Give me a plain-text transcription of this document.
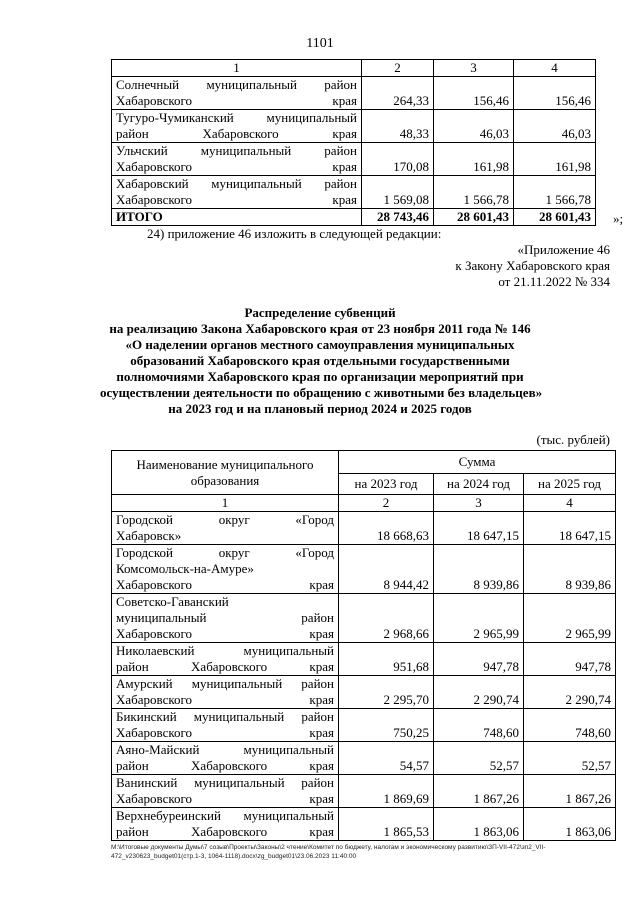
1101
1	2	3	4

Солнечный муниципальный район
Хабаровского края	264,33	156,46	156,46

Тугуро-Чумиканский муниципальный
район Хабаровского края	48,33	46,03	46,03

Ульчский муниципальный район
Хабаровского края	170,08	161,98	161,98

Хабаровский муниципальный район
Хабаровского края	1 569,08	1 566,78	1 566,78
ИТОГО	28 743,46	28 601,43	28 601,43 »;
24) приложение 46 изложить в следующей редакции:
«Приложение 46
к Закону Хабаровского края
от 21.11.2022 № 334
Распределение субвенций
на реализацию Закона Хабаровского края от 23 ноября 2011 года № 146
«О наделении органов местного самоуправления муниципальных
образований Хабаровского края отдельными государственными
полномочиями Хабаровского края по организации мероприятий при
осуществлении деятельности по обращению с животными без владельцев»
на 2023 год и на плановый период 2024 и 2025 годов
(тыс. рублей)
Наименование муниципального образования	Сумма		
	на 2023 год	на 2024 год	на 2025 год
1	2	3	4

Городской округ «Город
Хабаровск»	18 668,63	18 647,15	18 647,15

Городской округ «Город
Комсомольск-на-Амуре»
Хабаровского края	8 944,42	8 939,86	8 939,86

Советско-Гаванский
муниципальный район
Хабаровского края	2 968,66	2 965,99	2 965,99

Николаевский муниципальный
район Хабаровского края	951,68	947,78	947,78

Амурский муниципальный район
Хабаровского края	2 295,70	2 290,74	2 290,74

Бикинский муниципальный район
Хабаровского края	750,25	748,60	748,60

Аяно-Майский муниципальный
район Хабаровского края	54,57	52,57	52,57

Ванинский муниципальный район
Хабаровского края	1 869,69	1 867,26	1 867,26

Верхнебуреинский муниципальный
район Хабаровского края	1 865,53	1 863,06	1 863,06
M:\Итоговые документы Думы\7 созыв\Проекты\Законы\2 чтение\Комитет по бюджету, налогам и экономическому развитию\ЗП-VII-472\зп2_VII-472_v230623_budget01(стр.1-3, 1064-1118).docx\zg_budget01\23.06.2023 11:40:00
